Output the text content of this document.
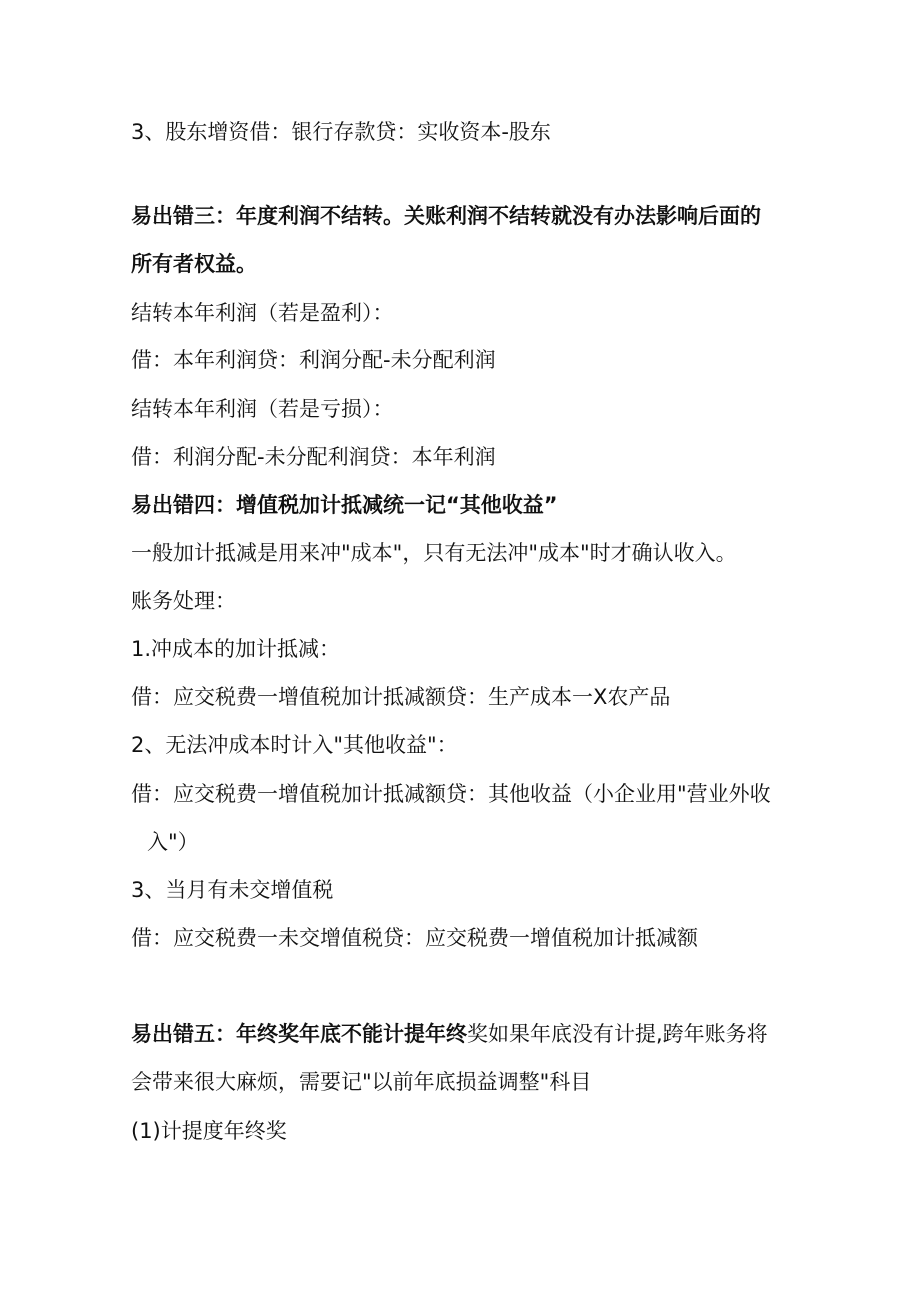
3、股东增资借：银行存款贷：实收资本-股东
易出错三：年度利润不结转。关账利润不结转就没有办法影响后面的
所有者权益。
结转本年利润（若是盈利）：
借：本年利润贷：利润分配-未分配利润
结转本年利润（若是亏损）：
借：利润分配-未分配利润贷：本年利润
易出错四：增值税加计抵减统一记“其他收益”
一般加计抵减是用来冲"成本"，只有无法冲"成本"时才确认收入。
账务处理：
1.冲成本的加计抵减：
借：应交税费一增值税加计抵减额贷：生产成本一Ⅹ农产品
2、无法冲成本时计入"其他收益"：
借：应交税费一增值税加计抵减额贷：其他收益（小企业用"营业外收
入"）
3、当月有未交增值税
借：应交税费一未交增值税贷：应交税费一增值税加计抵减额
易出错五：年终奖年底不能计提年终奖如果年底没有计提,跨年账务将
会带来很大麻烦，需要记"以前年底损益调整"科目
(1)计提度年终奖
